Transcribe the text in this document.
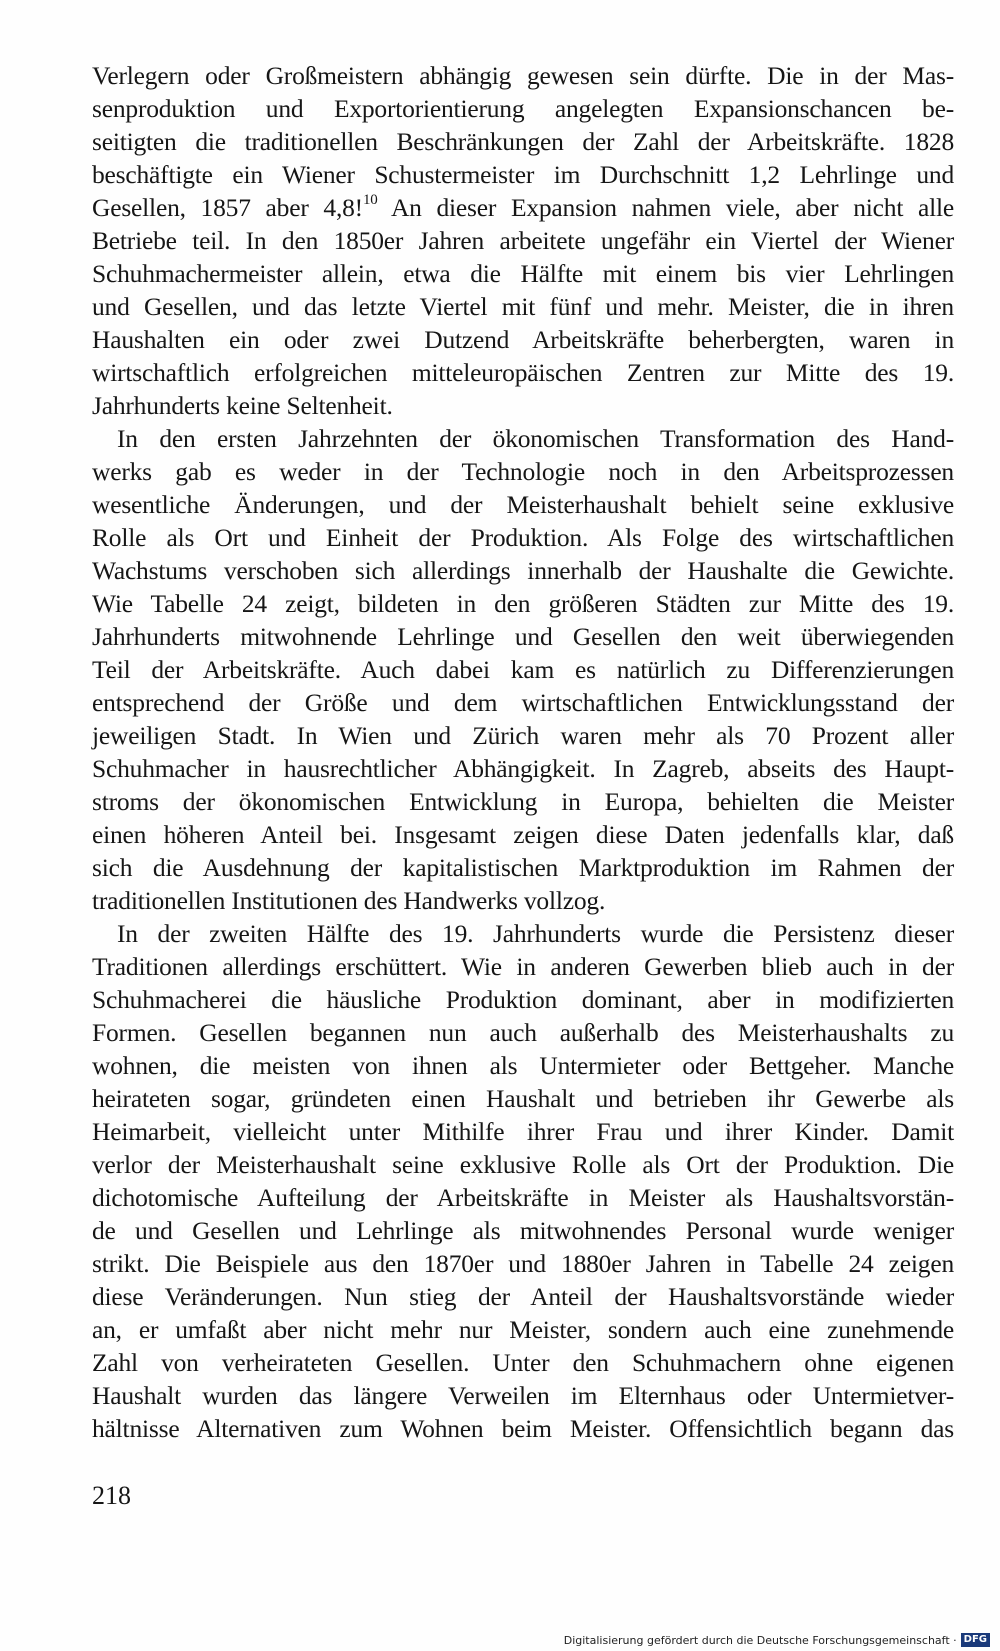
Verlegern oder Großmeistern abhängig gewesen sein dürfte. Die in der Mas-
senproduktion und Exportorientierung angelegten Expansionschancen be-
seitigten die traditionellen Beschränkungen der Zahl der Arbeitskräfte. 1828
beschäftigte ein Wiener Schustermeister im Durchschnitt 1,2 Lehrlinge und
Gesellen, 1857 aber 4,8!$^{10}$ An dieser Expansion nahmen viele, aber nicht alle
Betriebe teil. In den 1850er Jahren arbeitete ungefähr ein Viertel der Wiener
Schuhmachermeister allein, etwa die Hälfte mit einem bis vier Lehrlingen
und Gesellen, und das letzte Viertel mit fünf und mehr. Meister, die in ihren
Haushalten ein oder zwei Dutzend Arbeitskräfte beherbergten, waren in
wirtschaftlich erfolgreichen mitteleuropäischen Zentren zur Mitte des 19.
Jahrhunderts keine Seltenheit.
In den ersten Jahrzehnten der ökonomischen Transformation des Hand-
werks gab es weder in der Technologie noch in den Arbeitsprozessen
wesentliche Änderungen, und der Meisterhaushalt behielt seine exklusive
Rolle als Ort und Einheit der Produktion. Als Folge des wirtschaftlichen
Wachstums verschoben sich allerdings innerhalb der Haushalte die Gewichte.
Wie Tabelle 24 zeigt, bildeten in den größeren Städten zur Mitte des 19.
Jahrhunderts mitwohnende Lehrlinge und Gesellen den weit überwiegenden
Teil der Arbeitskräfte. Auch dabei kam es natürlich zu Differenzierungen
entsprechend der Größe und dem wirtschaftlichen Entwicklungsstand der
jeweiligen Stadt. In Wien und Zürich waren mehr als 70 Prozent aller
Schuhmacher in hausrechtlicher Abhängigkeit. In Zagreb, abseits des Haupt-
stroms der ökonomischen Entwicklung in Europa, behielten die Meister
einen höheren Anteil bei. Insgesamt zeigen diese Daten jedenfalls klar, daß
sich die Ausdehnung der kapitalistischen Marktproduktion im Rahmen der
traditionellen Institutionen des Handwerks vollzog.
In der zweiten Hälfte des 19. Jahrhunderts wurde die Persistenz dieser
Traditionen allerdings erschüttert. Wie in anderen Gewerben blieb auch in der
Schuhmacherei die häusliche Produktion dominant, aber in modifizierten
Formen. Gesellen begannen nun auch außerhalb des Meisterhaushalts zu
wohnen, die meisten von ihnen als Untermieter oder Bettgeher. Manche
heirateten sogar, gründeten einen Haushalt und betrieben ihr Gewerbe als
Heimarbeit, vielleicht unter Mithilfe ihrer Frau und ihrer Kinder. Damit
verlor der Meisterhaushalt seine exklusive Rolle als Ort der Produktion. Die
dichotomische Aufteilung der Arbeitskräfte in Meister als Haushaltsvorstän-
de und Gesellen und Lehrlinge als mitwohnendes Personal wurde weniger
strikt. Die Beispiele aus den 1870er und 1880er Jahren in Tabelle 24 zeigen
diese Veränderungen. Nun stieg der Anteil der Haushaltsvorstände wieder
an, er umfaßt aber nicht mehr nur Meister, sondern auch eine zunehmende
Zahl von verheirateten Gesellen. Unter den Schuhmachern ohne eigenen
Haushalt wurden das längere Verweilen im Elternhaus oder Untermietver-
hältnisse Alternativen zum Wohnen beim Meister. Offensichtlich begann das
218
Digitalisierung gefördert durch die Deutsche Forschungsgemeinschaft · DFG
